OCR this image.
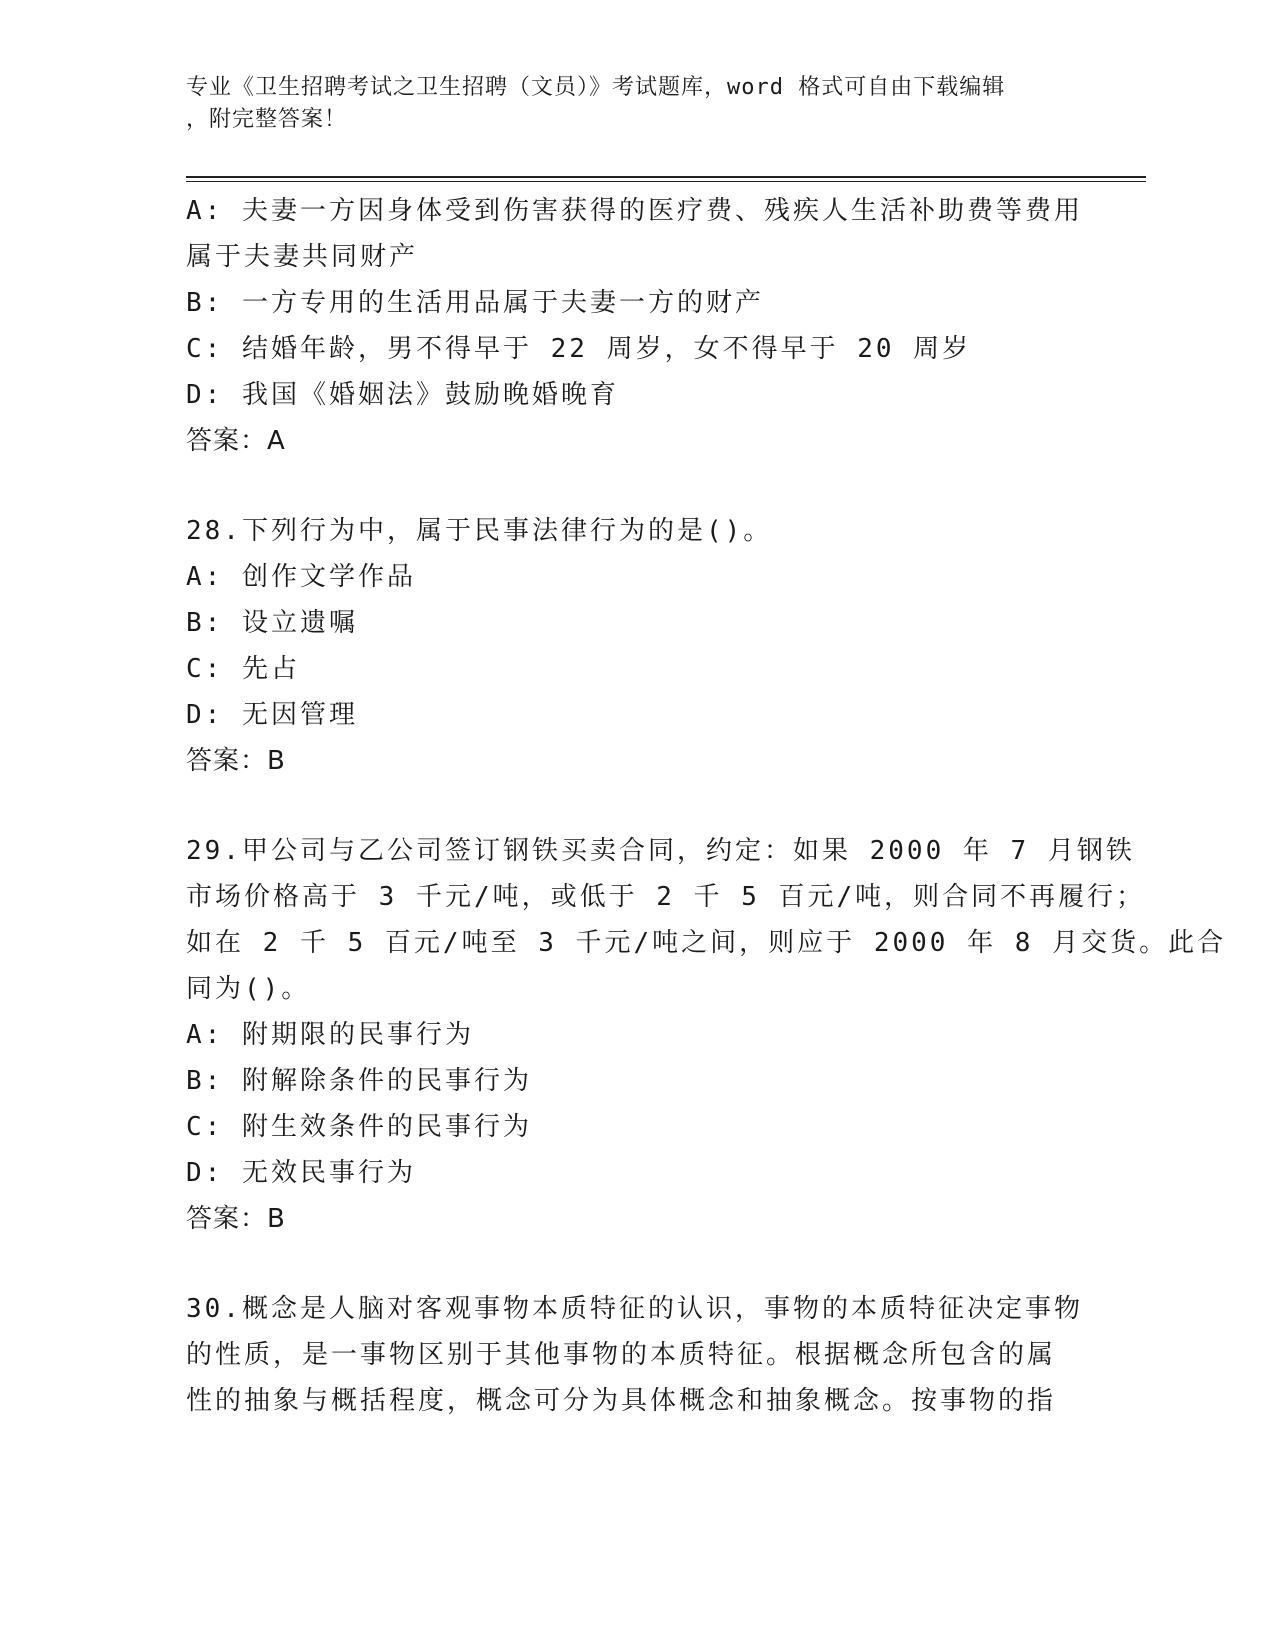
专业《卫生招聘考试之卫生招聘（文员）》考试题库，word 格式可自由下载编辑
，附完整答案！
A: 夫妻一方因身体受到伤害获得的医疗费、残疾人生活补助费等费用
属于夫妻共同财产
B: 一方专用的生活用品属于夫妻一方的财产
C: 结婚年龄，男不得早于 22 周岁，女不得早于 20 周岁
D: 我国《婚姻法》鼓励晚婚晚育
答案：A
28.下列行为中，属于民事法律行为的是()。
A: 创作文学作品
B: 设立遗嘱
C: 先占
D: 无因管理
答案：B
29.甲公司与乙公司签订钢铁买卖合同，约定：如果 2000 年 7 月钢铁
市场价格高于 3 千元/吨，或低于 2 千 5 百元/吨，则合同不再履行；
如在 2 千 5 百元/吨至 3 千元/吨之间，则应于 2000 年 8 月交货。此合
同为()。
A: 附期限的民事行为
B: 附解除条件的民事行为
C: 附生效条件的民事行为
D: 无效民事行为
答案：B
30.概念是人脑对客观事物本质特征的认识，事物的本质特征决定事物
的性质，是一事物区别于其他事物的本质特征。根据概念所包含的属
性的抽象与概括程度，概念可分为具体概念和抽象概念。按事物的指
